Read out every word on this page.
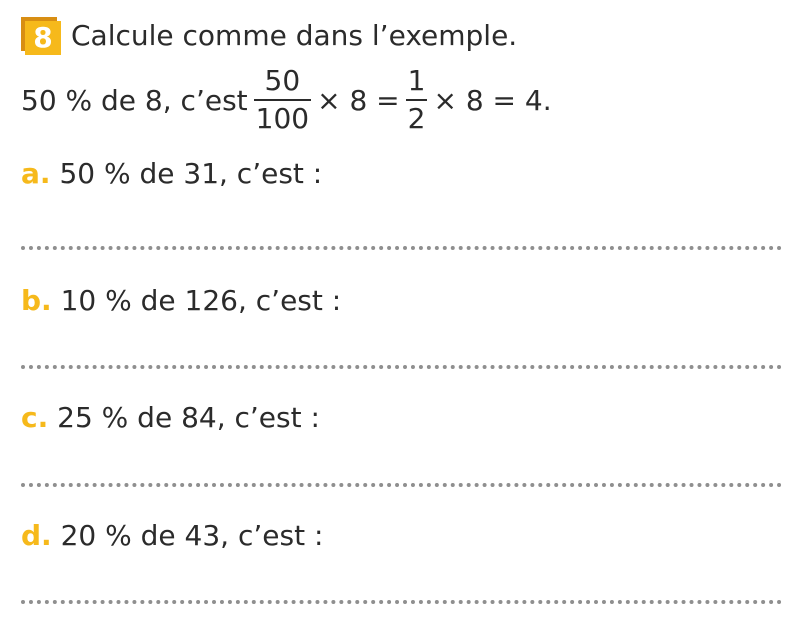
8 Calcule comme dans l’exemple.
50 % de 8, c’est $\frac{50}{100} \times 8 = \frac{1}{2} \times 8 = 4$.
a. 50 % de 31, c’est :
b. 10 % de 126, c’est :
c. 25 % de 84, c’est :
d. 20 % de 43, c’est :
